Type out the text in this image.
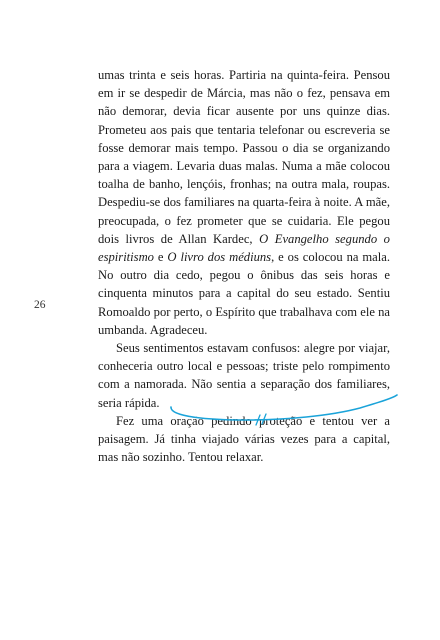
26

umas trinta e seis horas. Partiria na quinta-feira. Pensou em ir se despedir de Márcia, mas não o fez, pensava em não demorar, devia ficar ausente por uns quinze dias. Prometeu aos pais que tentaria telefonar ou escreveria se fosse demorar mais tempo. Passou o dia se organizando para a viagem. Levaria duas malas. Numa a mãe colocou toalha de banho, lençóis, fronhas; na outra mala, roupas. Despediu-se dos familiares na quarta-feira à noite. A mãe, preocupada, o fez prometer que se cuidaria. Ele pegou dois livros de Allan Kardec, O Evangelho segundo o espiritismo e O livro dos médiuns, e os colocou na mala. No outro dia cedo, pegou o ônibus das seis horas e cinquenta minutos para a capital do seu estado. Sentiu Romoaldo por perto, o Espírito que trabalhava com ele na umbanda. Agradeceu.

Seus sentimentos estavam confusos: alegre por viajar, conheceria outro local e pessoas; triste pelo rompimento com a namorada. Não sentia a separação dos familiares, seria rápida.

Fez uma oração pedindo proteção e tentou ver a paisagem. Já tinha viajado várias vezes para a capital, mas não sozinho. Tentou relaxar.
